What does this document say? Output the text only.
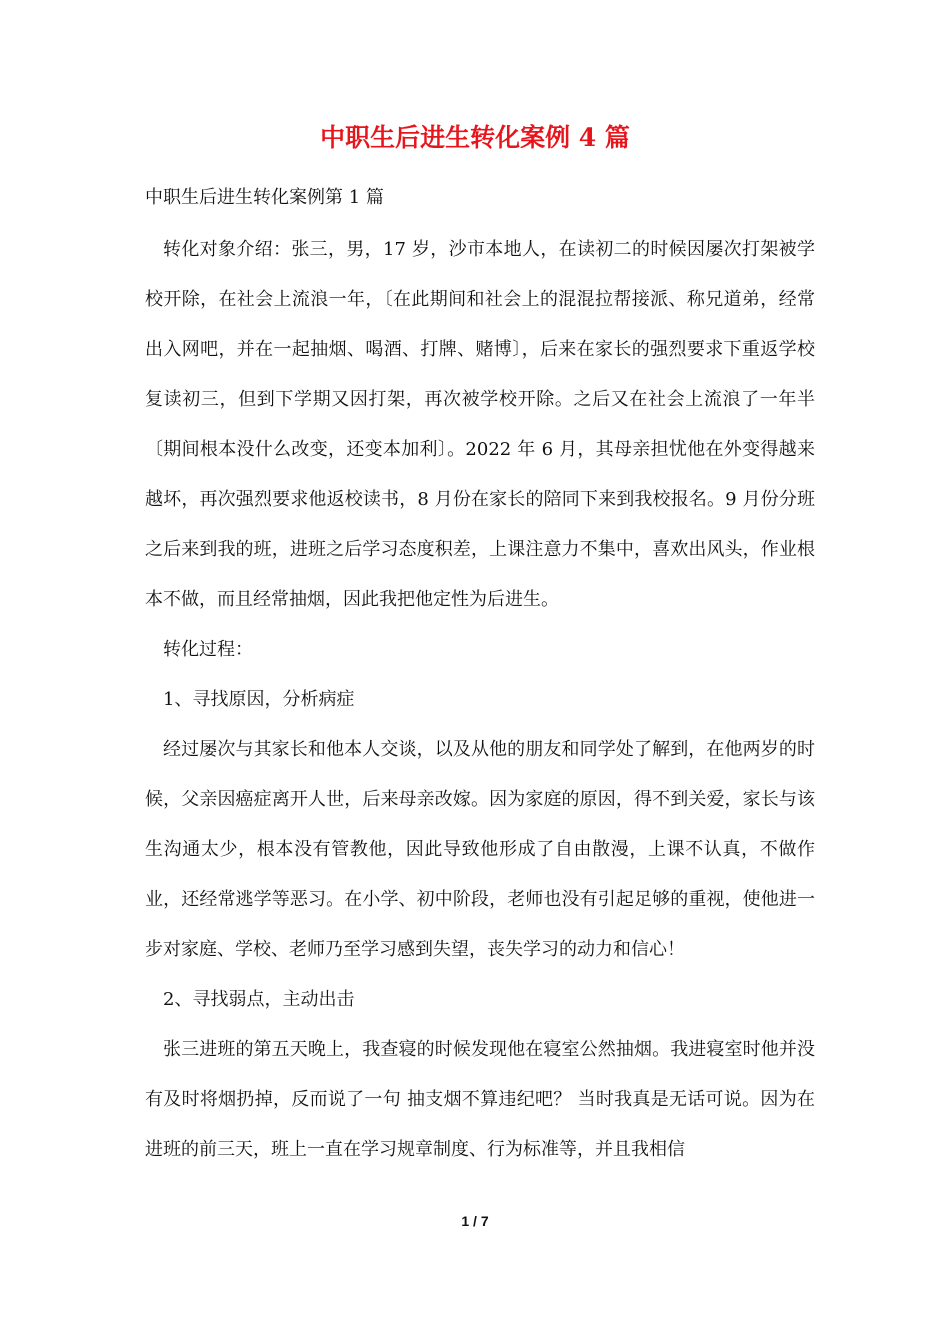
中职生后进生转化案例 4 篇
中职生后进生转化案例第 1 篇

转化对象介绍：张三，男，17 岁，沙市本地人，在读初二的时候因屡次打架被学校开除，在社会上流浪一年，〔在此期间和社会上的混混拉帮接派、称兄道弟，经常出入网吧，并在一起抽烟、喝酒、打牌、赌博〕，后来在家长的强烈要求下重返学校复读初三，但到下学期又因打架，再次被学校开除。之后又在社会上流浪了一年半〔期间根本没什么改变，还变本加利〕。2022 年 6 月，其母亲担忧他在外变得越来越坏，再次强烈要求他返校读书，8 月份在家长的陪同下来到我校报名。9 月份分班之后来到我的班，进班之后学习态度积差，上课注意力不集中，喜欢出风头，作业根本不做，而且经常抽烟，因此我把他定性为后进生。

转化过程：

1、寻找原因，分析病症

经过屡次与其家长和他本人交谈，以及从他的朋友和同学处了解到，在他两岁的时候，父亲因癌症离开人世，后来母亲改嫁。因为家庭的原因，得不到关爱，家长与该生沟通太少，根本没有管教他，因此导致他形成了自由散漫，上课不认真，不做作业，还经常逃学等恶习。在小学、初中阶段，老师也没有引起足够的重视，使他进一步对家庭、学校、老师乃至学习感到失望，丧失学习的动力和信心！

2、寻找弱点，主动出击

张三进班的第五天晚上，我查寝的时候发现他在寝室公然抽烟。我进寝室时他并没有及时将烟扔掉，反而说了一句 抽支烟不算违纪吧？ 当时我真是无话可说。因为在进班的前三天，班上一直在学习规章制度、行为标准等，并且我相信

1 / 7
